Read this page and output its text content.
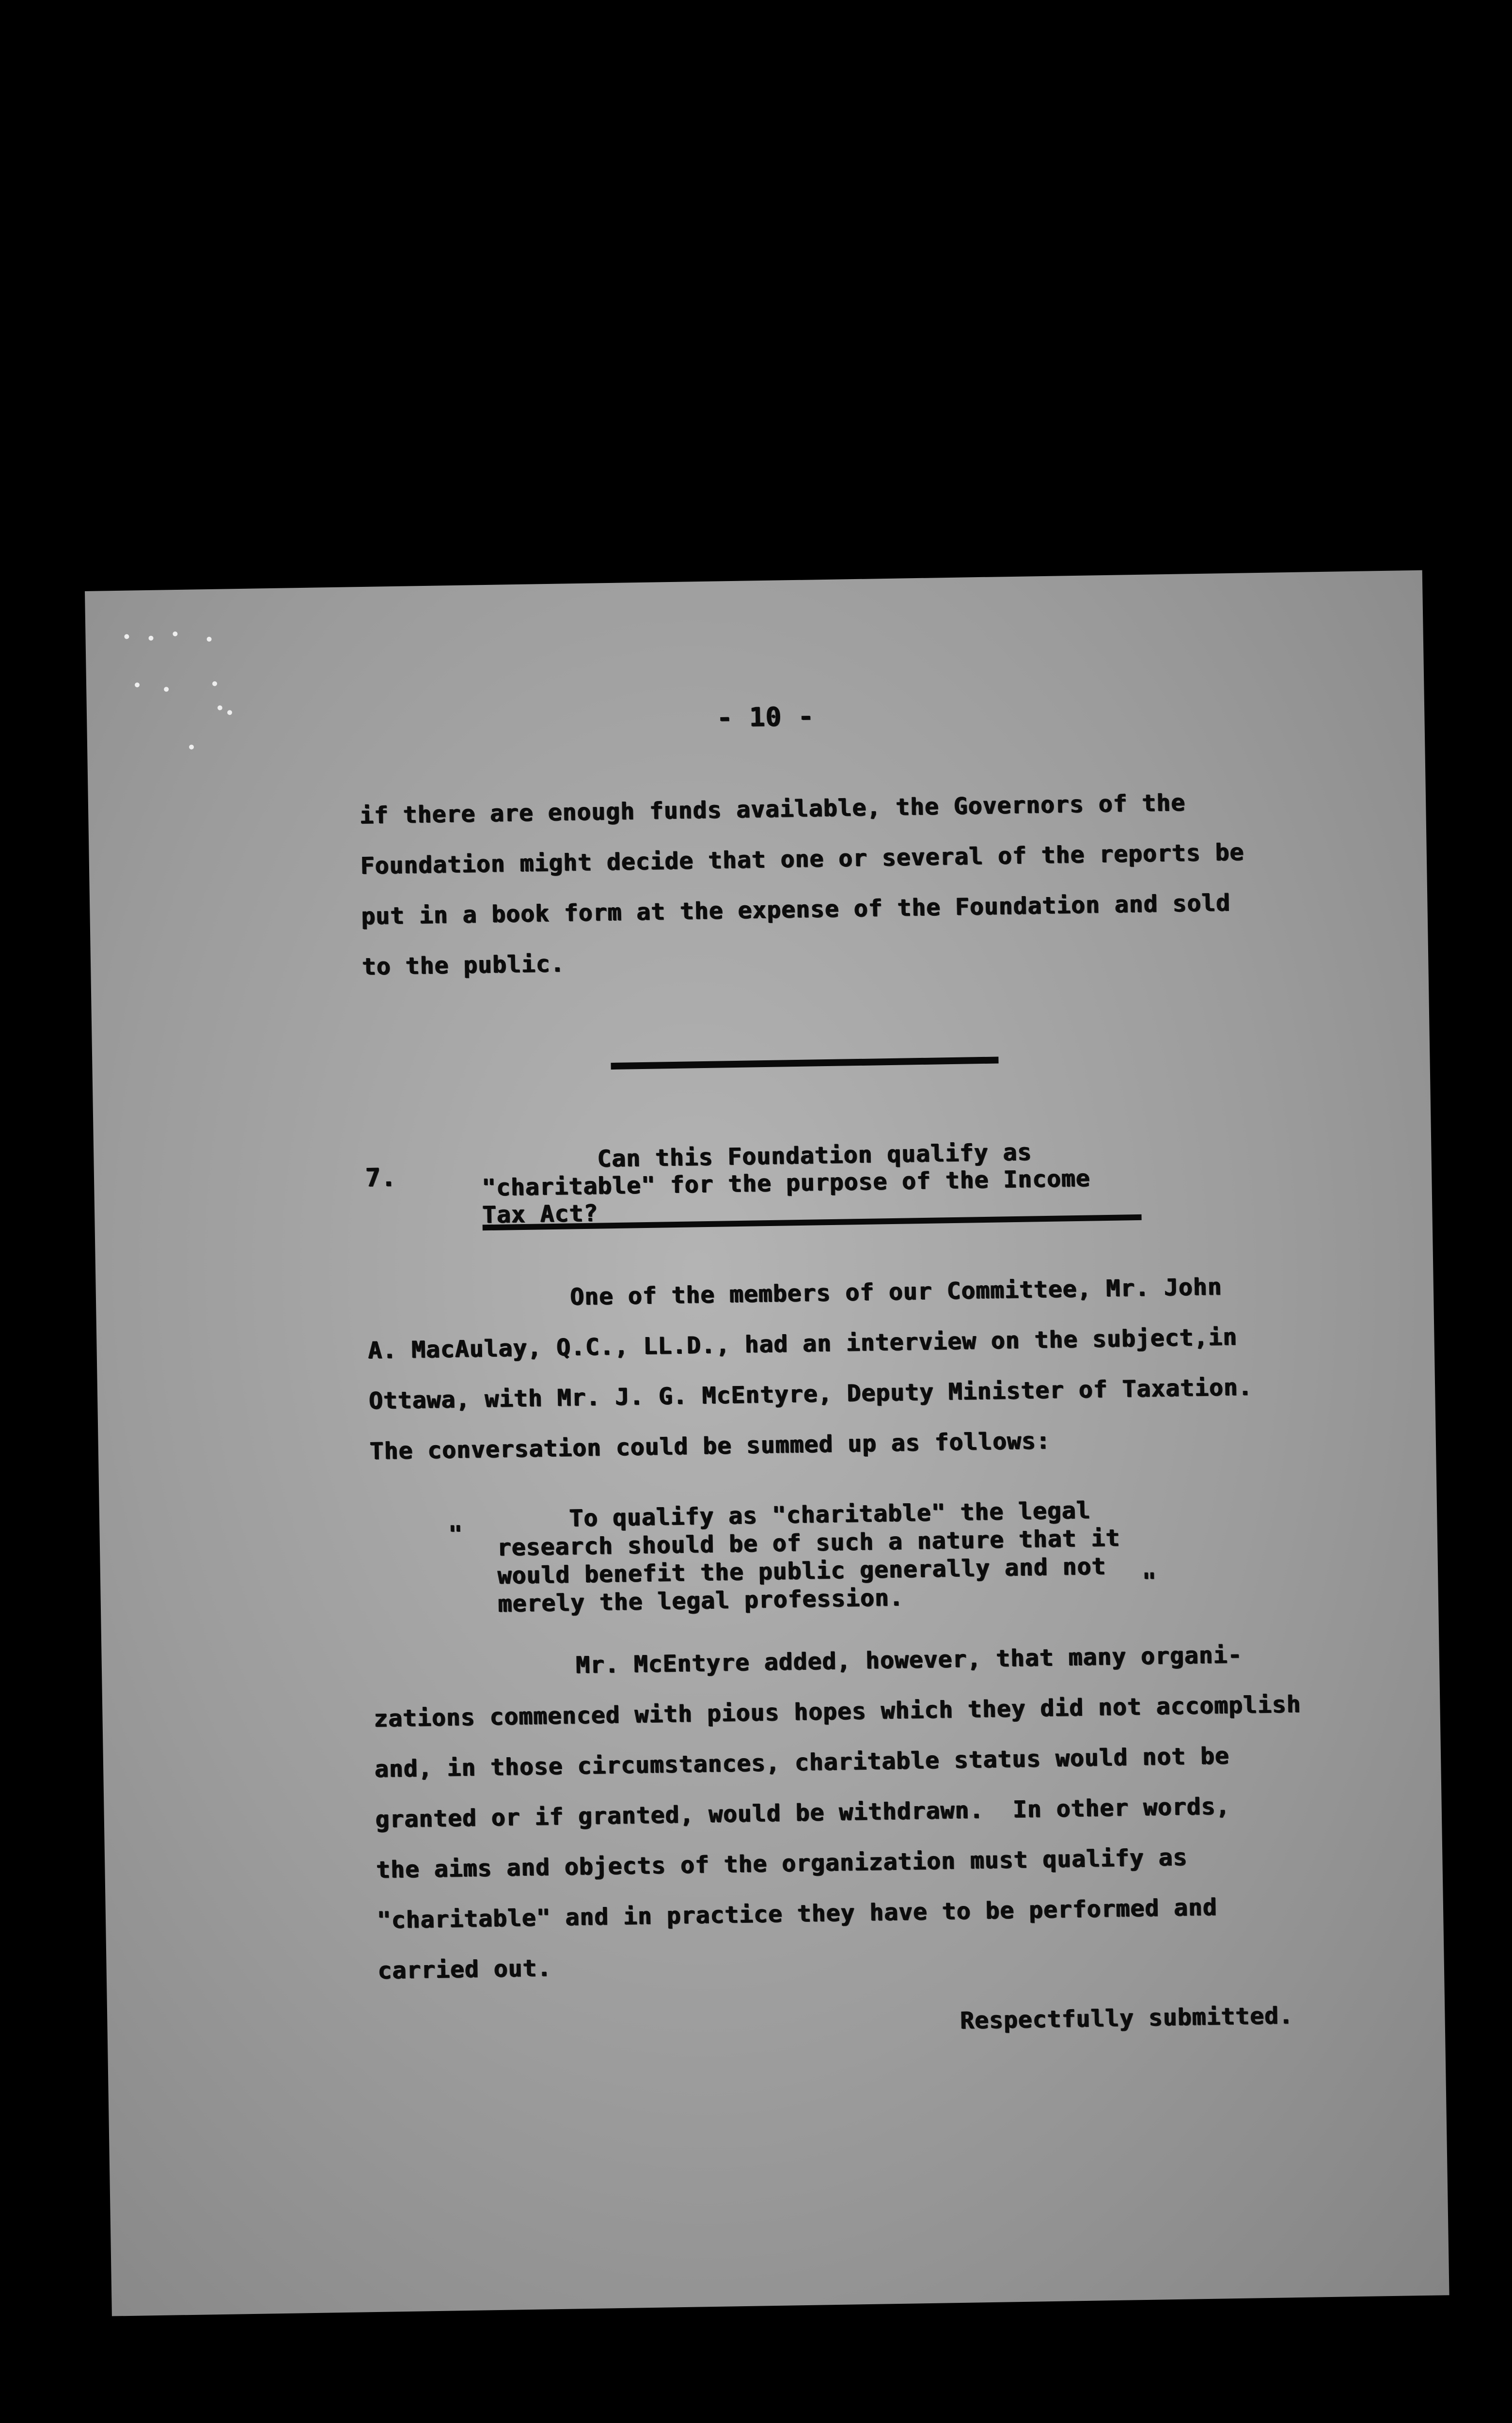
- 10 -

if there are enough funds available, the Governors of the
Foundation might decide that one or several of the reports be
put in a book form at the expense of the Foundation and sold
to the public.

7.

Can this Foundation qualify as
"charitable" for the purpose of the Income
Tax Act?

One of the members of our Committee, Mr. John
A. MacAulay, Q.C., LL.D., had an interview on the subject,in
Ottawa, with Mr. J. G. McEntyre, Deputy Minister of Taxation.
The conversation could be summed up as follows:

"

To qualify as "charitable" the legal
research should be of such a nature that it
would benefit the public generally and not
merely the legal profession.

"

Mr. McEntyre added, however, that many organi-
zations commenced with pious hopes which they did not accomplish
and, in those circumstances, charitable status would not be
granted or if granted, would be withdrawn.  In other words,
the aims and objects of the organization must qualify as
"charitable" and in practice they have to be performed and
carried out.

Respectfully submitted.
